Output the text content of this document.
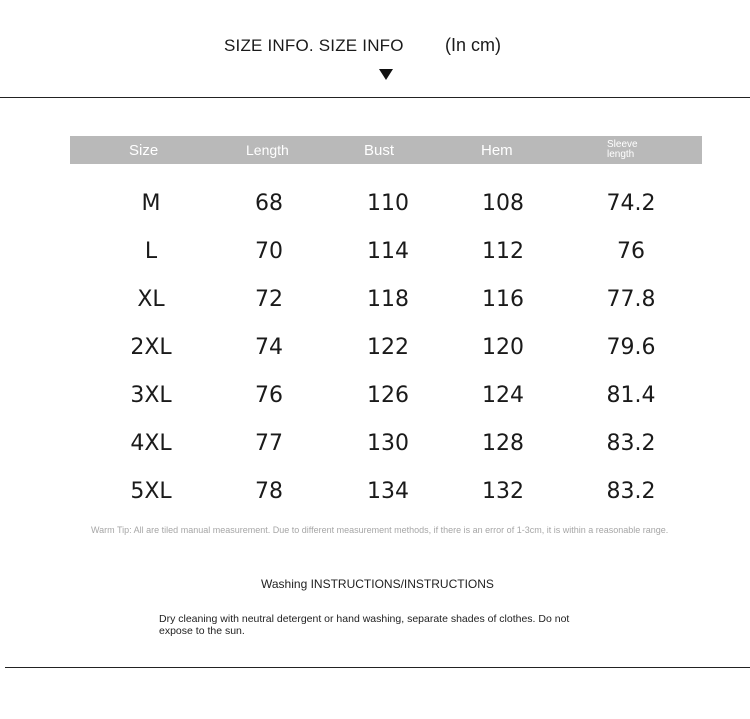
SIZE INFO. SIZE INFO (In cm)
Size	Length	Bust	Hem	Sleeve length
M	68	110	108	74.2
L	70	114	112	76
XL	72	118	116	77.8
2XL	74	122	120	79.6
3XL	76	126	124	81.4
4XL	77	130	128	83.2
5XL	78	134	132	83.2
Warm Tip: All are tiled manual measurement. Due to different measurement methods, if there is an error of 1-3cm, it is within a reasonable range.
Washing INSTRUCTIONS/INSTRUCTIONS
Dry cleaning with neutral detergent or hand washing, separate shades of clothes. Do not expose to the sun.
